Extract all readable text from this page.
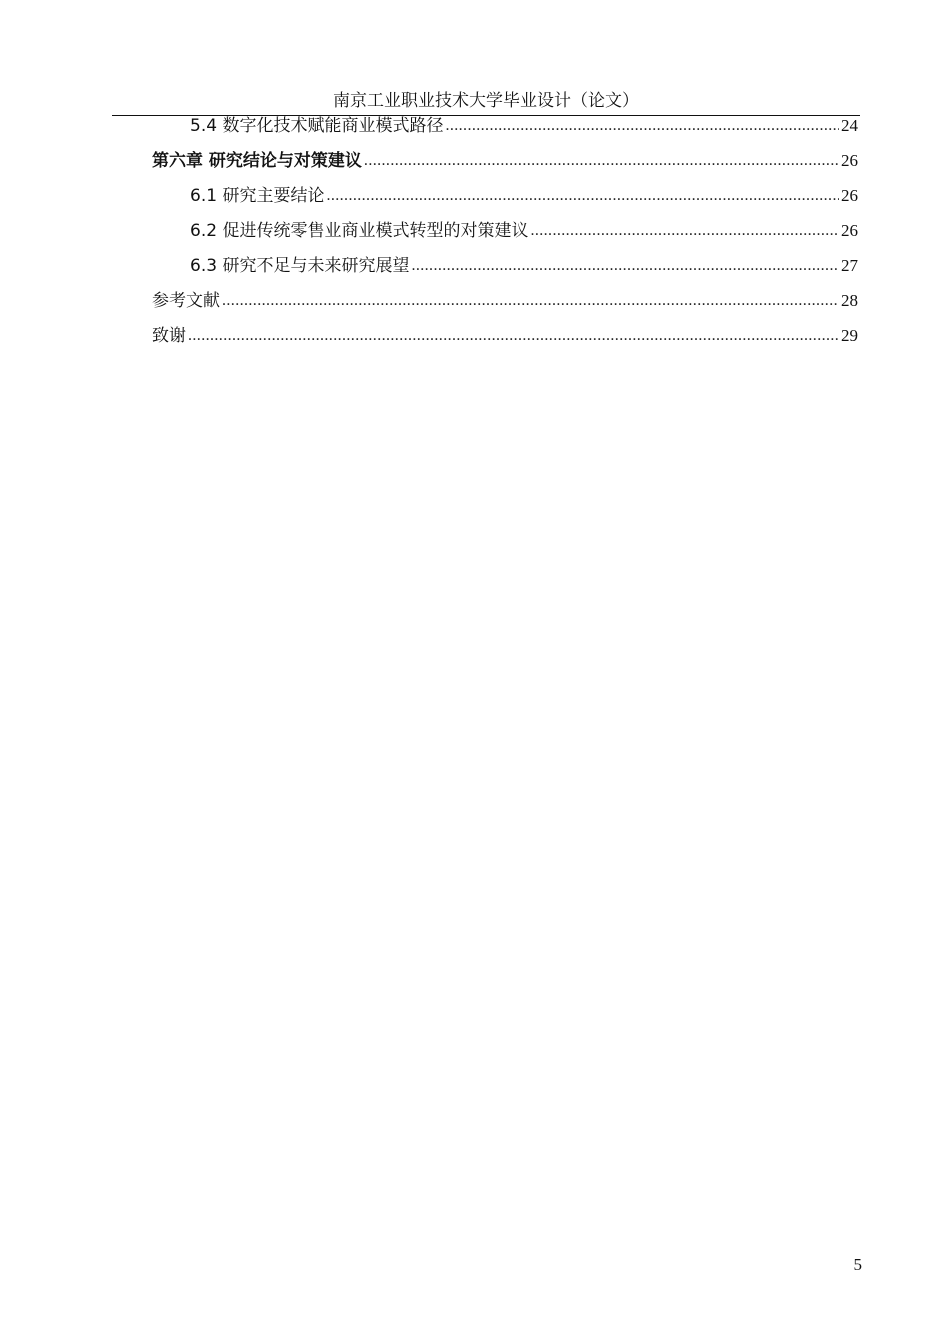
南京工业职业技术大学毕业设计（论文）
5.4 数字化技术赋能商业模式路径 .....	24
第六章 研究结论与对策建议 .....	26
6.1 研究主要结论 .....	26
6.2 促进传统零售业商业模式转型的对策建议 .....	26
6.3 研究不足与未来研究展望 .....	27
参考文献 .....	28
致谢 .....	29
5
